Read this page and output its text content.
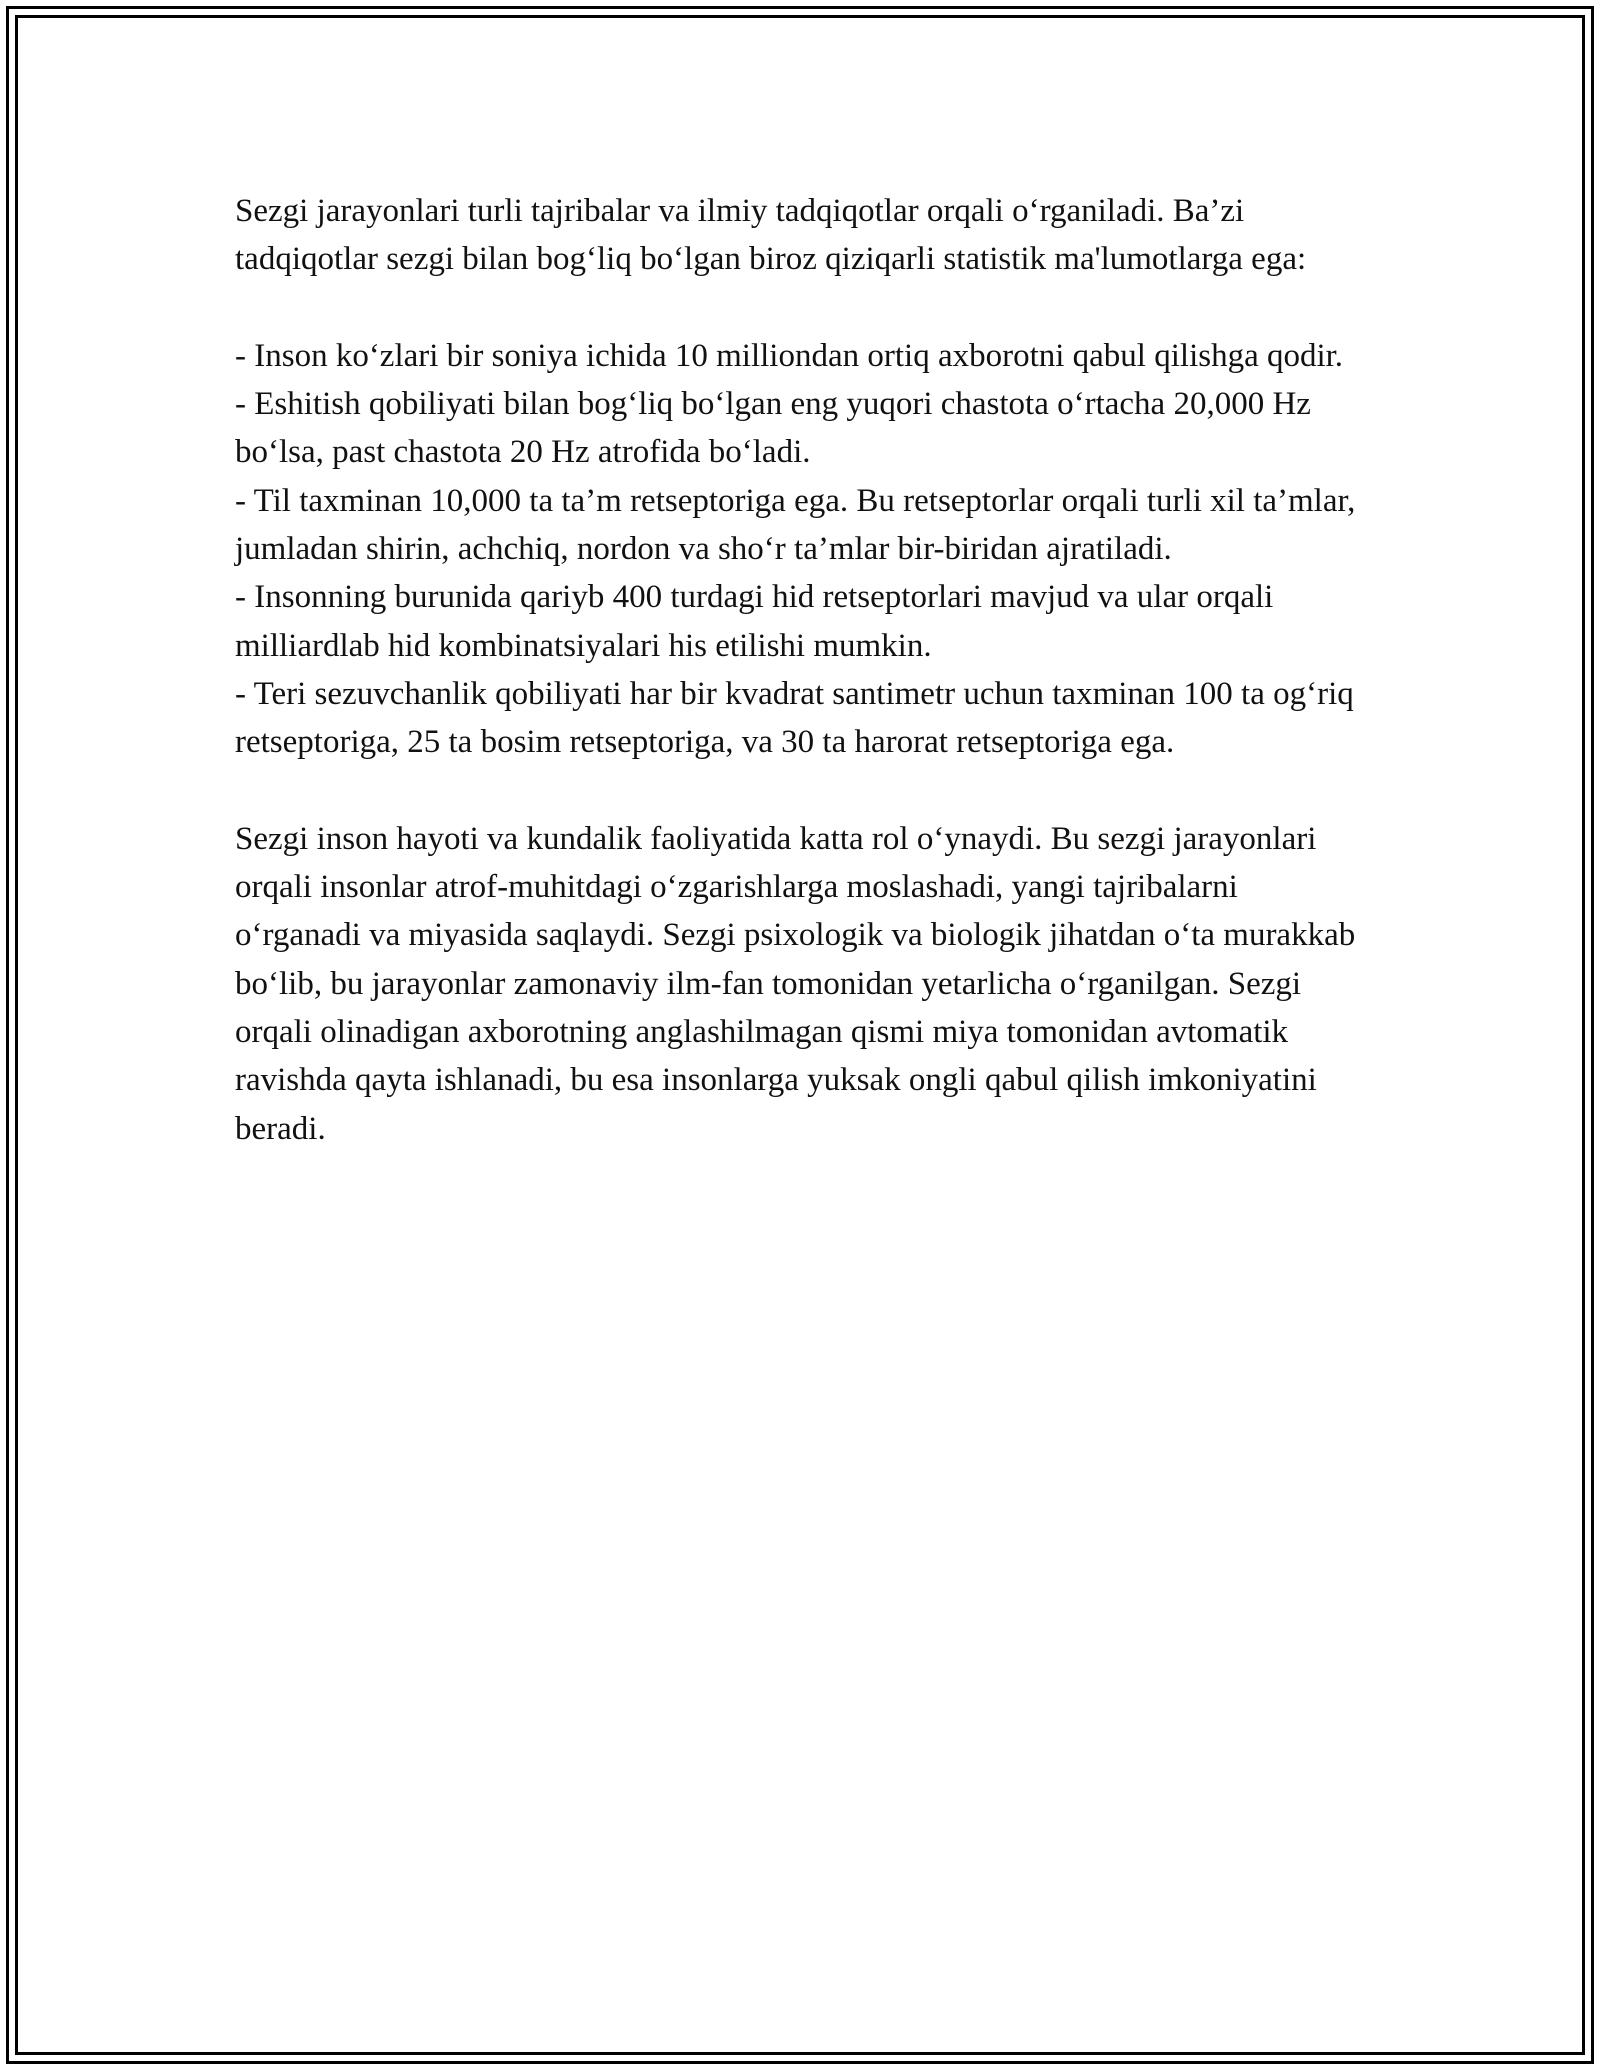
Sezgi jarayonlari turli tajribalar va ilmiy tadqiqotlar orqali o‘rganiladi. Ba’zi tadqiqotlar sezgi bilan bog‘liq bo‘lgan biroz qiziqarli statistik ma'lumotlarga ega:

- Inson ko‘zlari bir soniya ichida 10 milliondan ortiq axborotni qabul qilishga qodir.

- Eshitish qobiliyati bilan bog‘liq bo‘lgan eng yuqori chastota o‘rtacha 20,000 Hz bo‘lsa, past chastota 20 Hz atrofida bo‘ladi.

- Til taxminan 10,000 ta ta’m retseptoriga ega. Bu retseptorlar orqali turli xil ta’mlar, jumladan shirin, achchiq, nordon va sho‘r ta’mlar bir-biridan ajratiladi.

- Insonning burunida qariyb 400 turdagi hid retseptorlari mavjud va ular orqali milliardlab hid kombinatsiyalari his etilishi mumkin.

- Teri sezuvchanlik qobiliyati har bir kvadrat santimetr uchun taxminan 100 ta og‘riq retseptoriga, 25 ta bosim retseptoriga, va 30 ta harorat retseptoriga ega.

Sezgi inson hayoti va kundalik faoliyatida katta rol o‘ynaydi. Bu sezgi jarayonlari orqali insonlar atrof-muhitdagi o‘zgarishlarga moslashadi, yangi tajribalarni o‘rganadi va miyasida saqlaydi. Sezgi psixologik va biologik jihatdan o‘ta murakkab bo‘lib, bu jarayonlar zamonaviy ilm-fan tomonidan yetarlicha o‘rganilgan. Sezgi orqali olinadigan axborotning anglashilmagan qismi miya tomonidan avtomatik ravishda qayta ishlanadi, bu esa insonlarga yuksak ongli qabul qilish imkoniyatini beradi.
